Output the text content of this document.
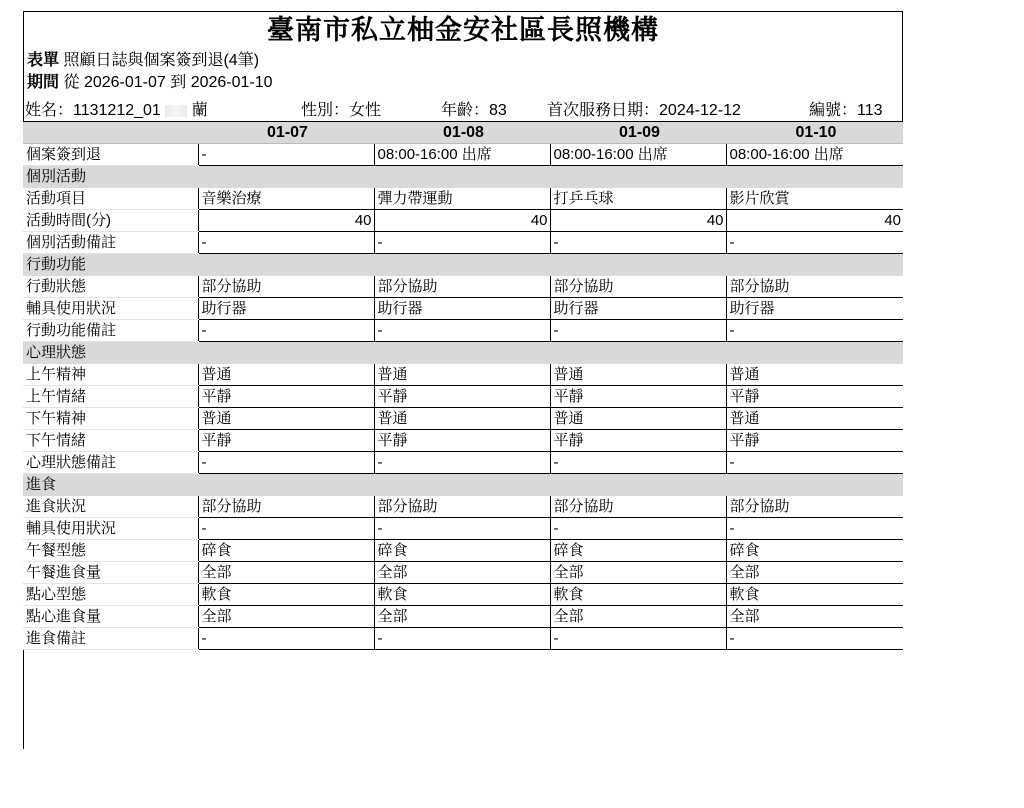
臺南市私立柚金安社區長照機構
表單 照顧日誌與個案簽到退(4筆)
期間 從 2026-01-07 到 2026-01-10
姓名：1131212_01 蘭	性別：女性	年齡：83	首次服務日期：2024-12-12	編號：113
	01-07	01-08	01-09	01-10
個案簽到退	-	08:00-16:00 出席	08:00-16:00 出席	08:00-16:00 出席
個別活動				
活動項目	音樂治療	彈力帶運動	打乒乓球	影片欣賞
活動時間(分)	40	40	40	40
個別活動備註	-	-	-	-
行動功能				
行動狀態	部分協助	部分協助	部分協助	部分協助
輔具使用狀況	助行器	助行器	助行器	助行器
行動功能備註	-	-	-	-
心理狀態				
上午精神	普通	普通	普通	普通
上午情緒	平靜	平靜	平靜	平靜
下午精神	普通	普通	普通	普通
下午情緒	平靜	平靜	平靜	平靜
心理狀態備註	-	-	-	-
進食				
進食狀況	部分協助	部分協助	部分協助	部分協助
輔具使用狀況	-	-	-	-
午餐型態	碎食	碎食	碎食	碎食
午餐進食量	全部	全部	全部	全部
點心型態	軟食	軟食	軟食	軟食
點心進食量	全部	全部	全部	全部
進食備註	-	-	-	-
